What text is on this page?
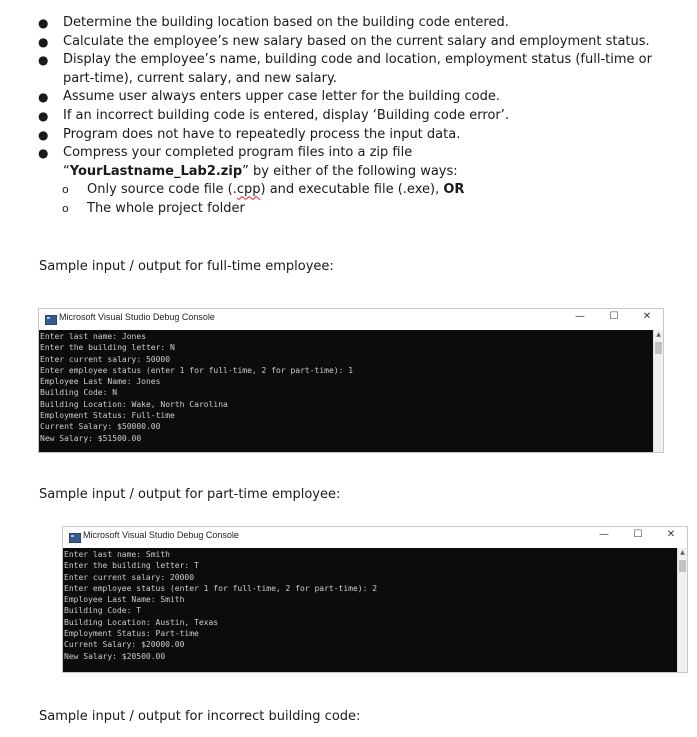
● Determine the building location based on the building code entered.
● Calculate the employee’s new salary based on the current salary and employment status.
● Display the employee’s name, building code and location, employment status (full-time or part-time), current salary, and new salary.
● Assume user always enters upper case letter for the building code.
● If an incorrect building code is entered, display ‘Building code error’.
● Program does not have to repeatedly process the input data.
● Compress your completed program files into a zip file
“YourLastname_Lab2.zip” by either of the following ways:
o Only source code file (.cpp) and executable file (.exe), OR
o The whole project folder
Sample input / output for full-time employee:
Microsoft Visual Studio Debug Console	— ☐ ✕
Enter last name: Jones
Enter the building letter: N
Enter current salary: 50000
Enter employee status (enter 1 for full-time, 2 for part-time): 1
Employee Last Name: Jones
Building Code: N
Building Location: Wake, North Carolina
Employment Status: Full-time
Current Salary: $50000.00
New Salary: $51500.00
▲
Sample input / output for part-time employee:
Microsoft Visual Studio Debug Console	— ☐ ✕
Enter last name: Smith
Enter the building letter: T
Enter current salary: 20000
Enter employee status (enter 1 for full-time, 2 for part-time): 2
Employee Last Name: Smith
Building Code: T
Building Location: Austin, Texas
Employment Status: Part-time
Current Salary: $20000.00
New Salary: $20500.00
▲
Sample input / output for incorrect building code:
